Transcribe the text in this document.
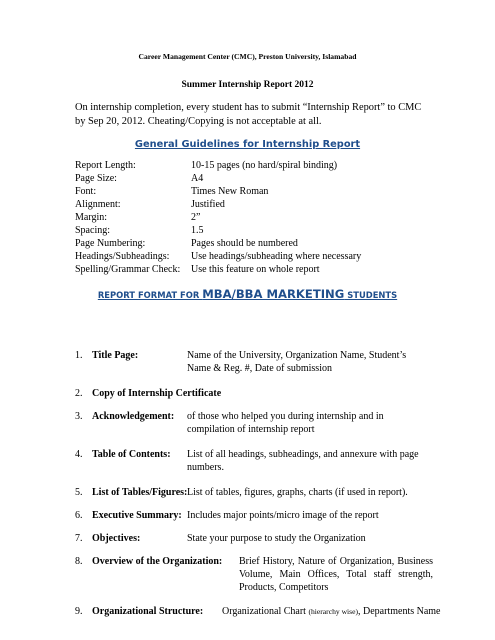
Career Management Center (CMC), Preston University, Islamabad
Summer Internship Report 2012
On internship completion, every student has to submit “Internship Report” to CMC by Sep 20, 2012. Cheating/Copying is not acceptable at all.
General Guidelines for Internship Report
Report Length:	10-15 pages (no hard/spiral binding)
Page Size:	A4
Font:	Times New Roman
Alignment:	Justified
Margin:	2”
Spacing:	1.5
Page Numbering:	Pages should be numbered
Headings/Subheadings:	Use headings/subheading where necessary
Spelling/Grammar Check:	Use this feature on whole report
REPORT FORMAT FOR MBA/BBA MARKETING STUDENTS
1. Title Page:	Name of the University, Organization Name, Student’s Name & Reg. #, Date of submission
2. Copy of Internship Certificate
3. Acknowledgement: of those who helped you during internship and in compilation of internship report
4. Table of Contents: List of all headings, subheadings, and annexure with page numbers.
5. List of Tables/Figures: List of tables, figures, graphs, charts (if used in report).
6. Executive Summary: Includes major points/micro image of the report
7. Objectives:	State your purpose to study the Organization
8. Overview of the Organization: Brief History, Nature of Organization, Business Volume, Main Offices, Total staff strength, Products, Competitors
9. Organizational Structure: Organizational Chart (hierarchy wise), Departments Name
